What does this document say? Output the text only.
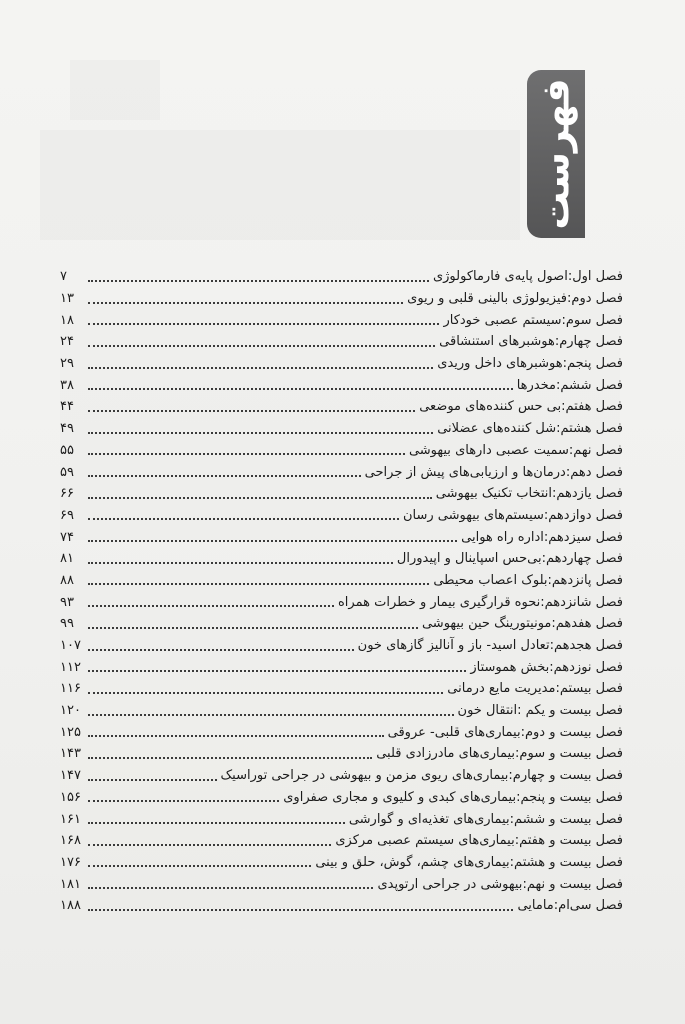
فهرست
فصل اول:
اصول پایه‌ی فارماکولوژی
۷
فصل دوم:
فیزیولوژی بالینی قلبی و ریوی
۱۳
فصل سوم:
سیستم عصبی خودکار
۱۸
فصل چهارم:
هوشبرهای استنشاقی
۲۴
فصل پنجم:
هوشبرهای داخل وریدی
۲۹
فصل ششم:
مخدرها
۳۸
فصل هفتم:
بی حس کننده‌های موضعی
۴۴
فصل هشتم:
شل کننده‌های عضلانی
۴۹
فصل نهم:
سمیت عصبی دارهای بیهوشی
۵۵
فصل دهم:
درمان‌ها و ارزیابی‌های پیش از جراحی
۵۹
فصل یازدهم:
انتخاب تکنیک بیهوشی
۶۶
فصل دوازدهم:
سیستم‌های بیهوشی رسان
۶۹
فصل سیزدهم:
اداره راه هوایی
۷۴
فصل چهاردهم:
بی‌حس اسپاینال و اپیدورال
۸۱
فصل پانزدهم:
بلوک اعصاب محیطی
۸۸
فصل شانزدهم:
نحوه قرارگیری بیمار و خطرات همراه
۹۳
فصل هفدهم:
مونیتورینگ حین بیهوشی
۹۹
فصل هجدهم:
تعادل اسید- باز و آنالیز گازهای خون
۱۰۷
فصل نوزدهم:
بخش هموستاز
۱۱۲
فصل بیستم:
مدیریت مایع درمانی
۱۱۶
فصل بیست و یکم :
انتقال خون
۱۲۰
فصل بیست و دوم:
بیماری‌های قلبی- عروقی
۱۲۵
فصل بیست و سوم:
بیماری‌های مادرزادی قلبی
۱۴۳
فصل بیست و چهارم:
بیماری‌های ریوی مزمن و بیهوشی در جراحی توراسیک
۱۴۷
فصل بیست و پنجم:
بیماری‌های کبدی و کلیوی و مجاری صفراوی
۱۵۶
فصل بیست و ششم:
بیماری‌های تغذیه‌ای و گوارشی
۱۶۱
فصل بیست و هفتم:
بیماری‌های سیستم عصبی مرکزی
۱۶۸
فصل بیست و هشتم:
بیماری‌های چشم، گوش، حلق و بینی
۱۷۶
فصل بیست و نهم:
بیهوشی در جراحی ارتوپدی
۱۸۱
فصل سی‌ام:
مامایی
۱۸۸
